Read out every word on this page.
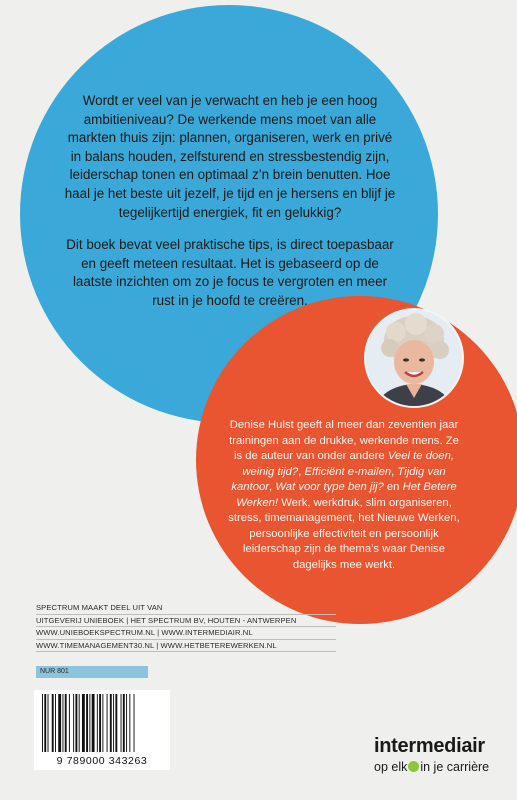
Wordt er veel van je verwacht en heb je een hoog ambitieniveau? De werkende mens moet van alle markten thuis zijn: plannen, organiseren, werk en privé in balans houden, zelfsturend en stressbestendig zijn, leiderschap tonen en optimaal z’n brein benutten. Hoe haal je het beste uit jezelf, je tijd en je hersens en blijf je tegelijkertijd energiek, fit en gelukkig?

Dit boek bevat veel praktische tips, is direct toepasbaar en geeft meteen resultaat. Het is gebaseerd op de laatste inzichten om zo je focus te vergroten en meer rust in je hoofd te creëren.

Denise Hulst geeft al meer dan zeventien jaar trainingen aan de drukke, werkende mens. Ze is de auteur van onder andere Veel te doen, weinig tijd?, Efficiënt e-mailen, Tijdig van kantoor, Wat voor type ben jij? en Het Betere Werken! Werk, werkdruk, slim organiseren, stress, timemanagement, het Nieuwe Werken, persoonlijke effectiviteit en persoonlijk leiderschap zijn de thema’s waar Denise dagelijks mee werkt.
SPECTRUM MAAKT DEEL UIT VAN
UITGEVERIJ UNIEBOEK | HET SPECTRUM BV, HOUTEN - ANTWERPEN
WWW.UNIEBOEKSPECTRUM.NL | WWW.INTERMEDIAIR.NL
WWW.TIMEMANAGEMENT30.NL | WWW.HETBETEREWERKEN.NL
NUR 801
9 789000 343263
intermediair
op elk in je carrière
